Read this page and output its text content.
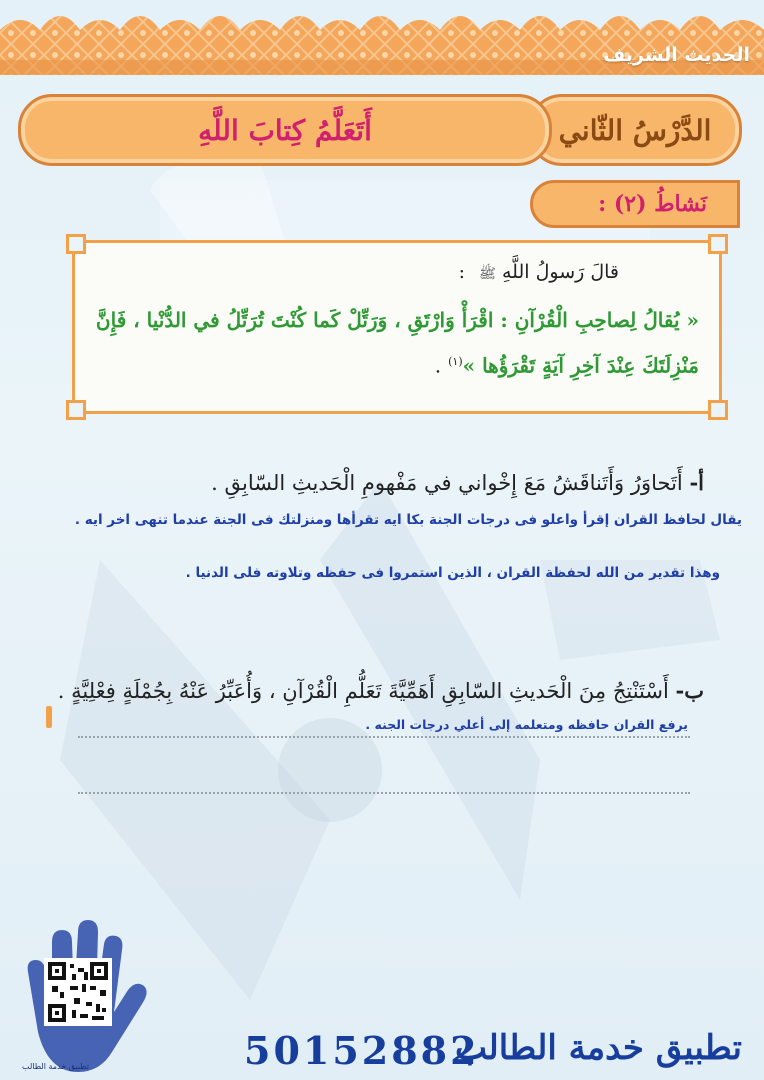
الحديث الشريف
الدَّرْسُ الثّاني
أَتَعَلَّمُ كِتابَ اللَّهِ
نَشاطُ (٢) :
قالَ رَسولُ اللَّهِ ﷺ :
« يُقالُ لِصاحِبِ الْقُرْآنِ : اقْرَأْ وَارْتَقِ ، وَرَتِّلْ كَما كُنْتَ تُرَتِّلُ في الدُّنْيا ، فَإِنَّ
مَنْزِلَتَكَ عِنْدَ آخِرِ آيَةٍ تَقْرَؤُها »$^{(١)}$ .
أ- أَتَحاوَرُ وَأَتَناقَشُ مَعَ إِخْواني في مَفْهومِ الْحَديثِ السّابِقِ .
يقال لحافظ القران إقرأ واعلو فى درجات الجنة بكا ايه تقرأها ومنزلتك فى الجنة عندما تنهى اخر ايه .
وهذا تقدير من الله لحفظة القران ، الذين استمروا فى حفظه وتلاوته فلى الدنيا .
ب- أَسْتَنْتِجُ مِنَ الْحَديثِ السّابِقِ أَهَمِّيَّةَ تَعَلُّمِ الْقُرْآنِ ، وَأُعَبِّرُ عَنْهُ بِجُمْلَةٍ فِعْلِيَّةٍ .
يرفع القران حافظه ومتعلمه إلى أعلي درجات الجنه .
تطبيق خدمة الطالب	تطبيق خدمة الطالب
50152882
